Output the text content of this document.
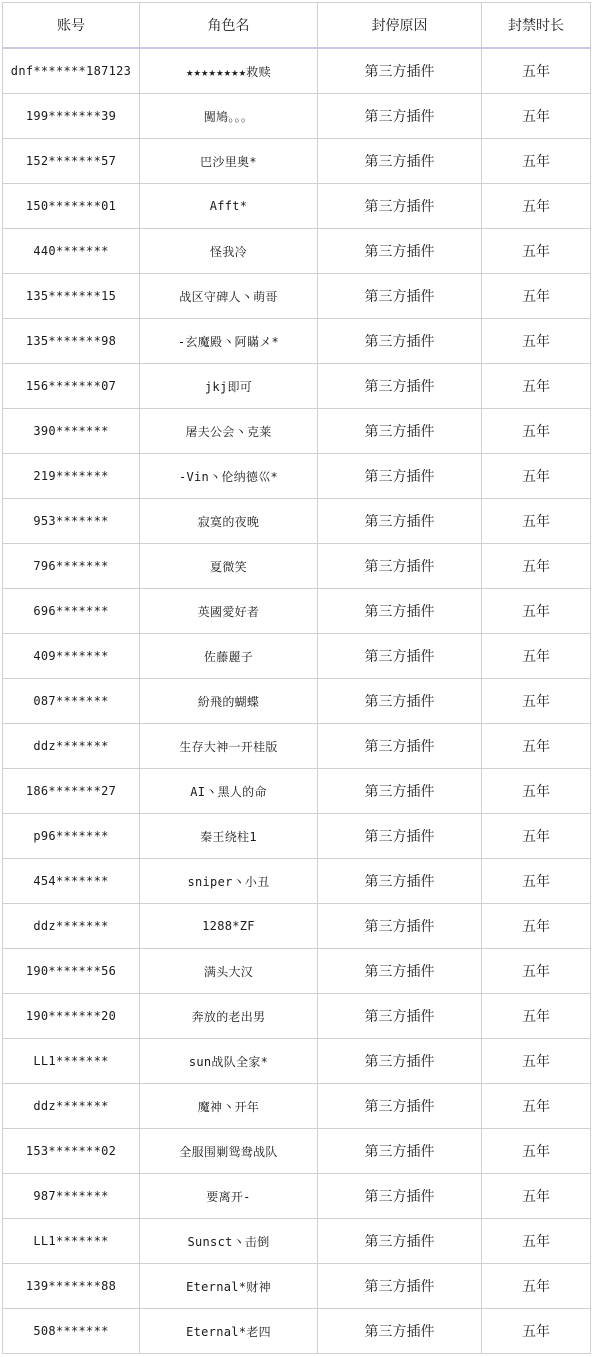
账号	角色名	封停原因	封禁时长
dnf*******187123	★★★★★★★★救赎	第三方插件	五年
199*******39	闖鳩。。。	第三方插件	五年
152*******57	巴沙里奥*	第三方插件	五年
150*******01	Afft*	第三方插件	五年
440*******	怪我冷	第三方插件	五年
135*******15	战区守碑人丶萌哥	第三方插件	五年
135*******98	-玄魔殿丶阿瞞メ*	第三方插件	五年
156*******07	jkj即可	第三方插件	五年
390*******	屠夫公会丶克莱	第三方插件	五年
219*******	-Vin丶伦纳德巛*	第三方插件	五年
953*******	寂寞的夜晚	第三方插件	五年
796*******	夏微笑	第三方插件	五年
696*******	英國愛好者	第三方插件	五年
409*******	佐藤麗子	第三方插件	五年
087*******	紛飛的蝴蝶	第三方插件	五年
ddz*******	生存大神一开桂版	第三方插件	五年
186*******27	AI丶黑人的命	第三方插件	五年
p96*******	秦王绕柱1	第三方插件	五年
454*******	sniper丶小丑	第三方插件	五年
ddz*******	1288*ZF	第三方插件	五年
190*******56	满头大汉	第三方插件	五年
190*******20	奔放的老出男	第三方插件	五年
LL1*******	sun战队全家*	第三方插件	五年
ddz*******	魔神丶开年	第三方插件	五年
153*******02	全服围剿鸳鸯战队	第三方插件	五年
987*******	要离开-	第三方插件	五年
LL1*******	Sunsct丶击倒	第三方插件	五年
139*******88	Eternal*财神	第三方插件	五年
508*******	Eternal*老四	第三方插件	五年
